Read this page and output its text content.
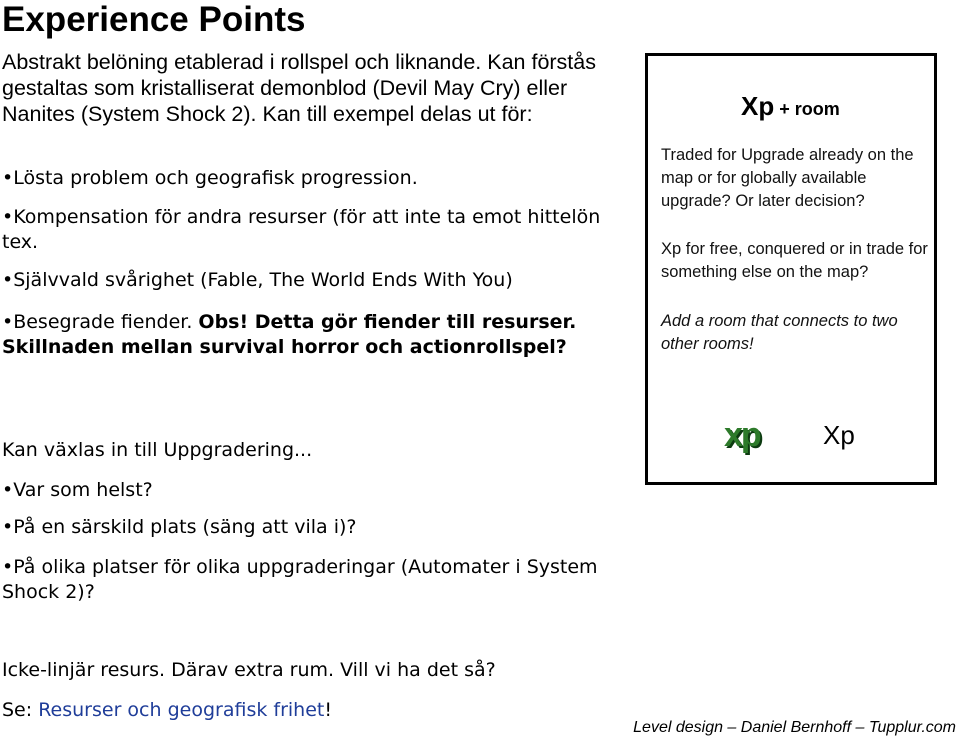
Experience Points

Abstrakt belöning etablerad i rollspel och liknande. Kan förstås gestaltas som kristalliserat demonblod (Devil May Cry) eller Nanites (System Shock 2). Kan till exempel delas ut för:

•Lösta problem och geografisk progression.
•Kompensation för andra resurser (för att inte ta emot hittelön tex.
•Självvald svårighet (Fable, The World Ends With You)
•Besegrade fiender. Obs! Detta gör fiender till resurser. Skillnaden mellan survival horror och actionrollspel?
Kan växlas in till Uppgradering...
•Var som helst?
•På en särskild plats (säng att vila i)?
•På olika platser för olika uppgraderingar (Automater i System Shock 2)?
Icke-linjär resurs. Därav extra rum. Vill vi ha det så?
Se: Resurser och geografisk frihet!
Xp + room

Traded for Upgrade already on the map or for globally available upgrade? Or later decision?

Xp for free, conquered or in trade for something else on the map?

Add a room that connects to two other rooms!

xp Xp
Level design – Daniel Bernhoff – Tupplur.com
